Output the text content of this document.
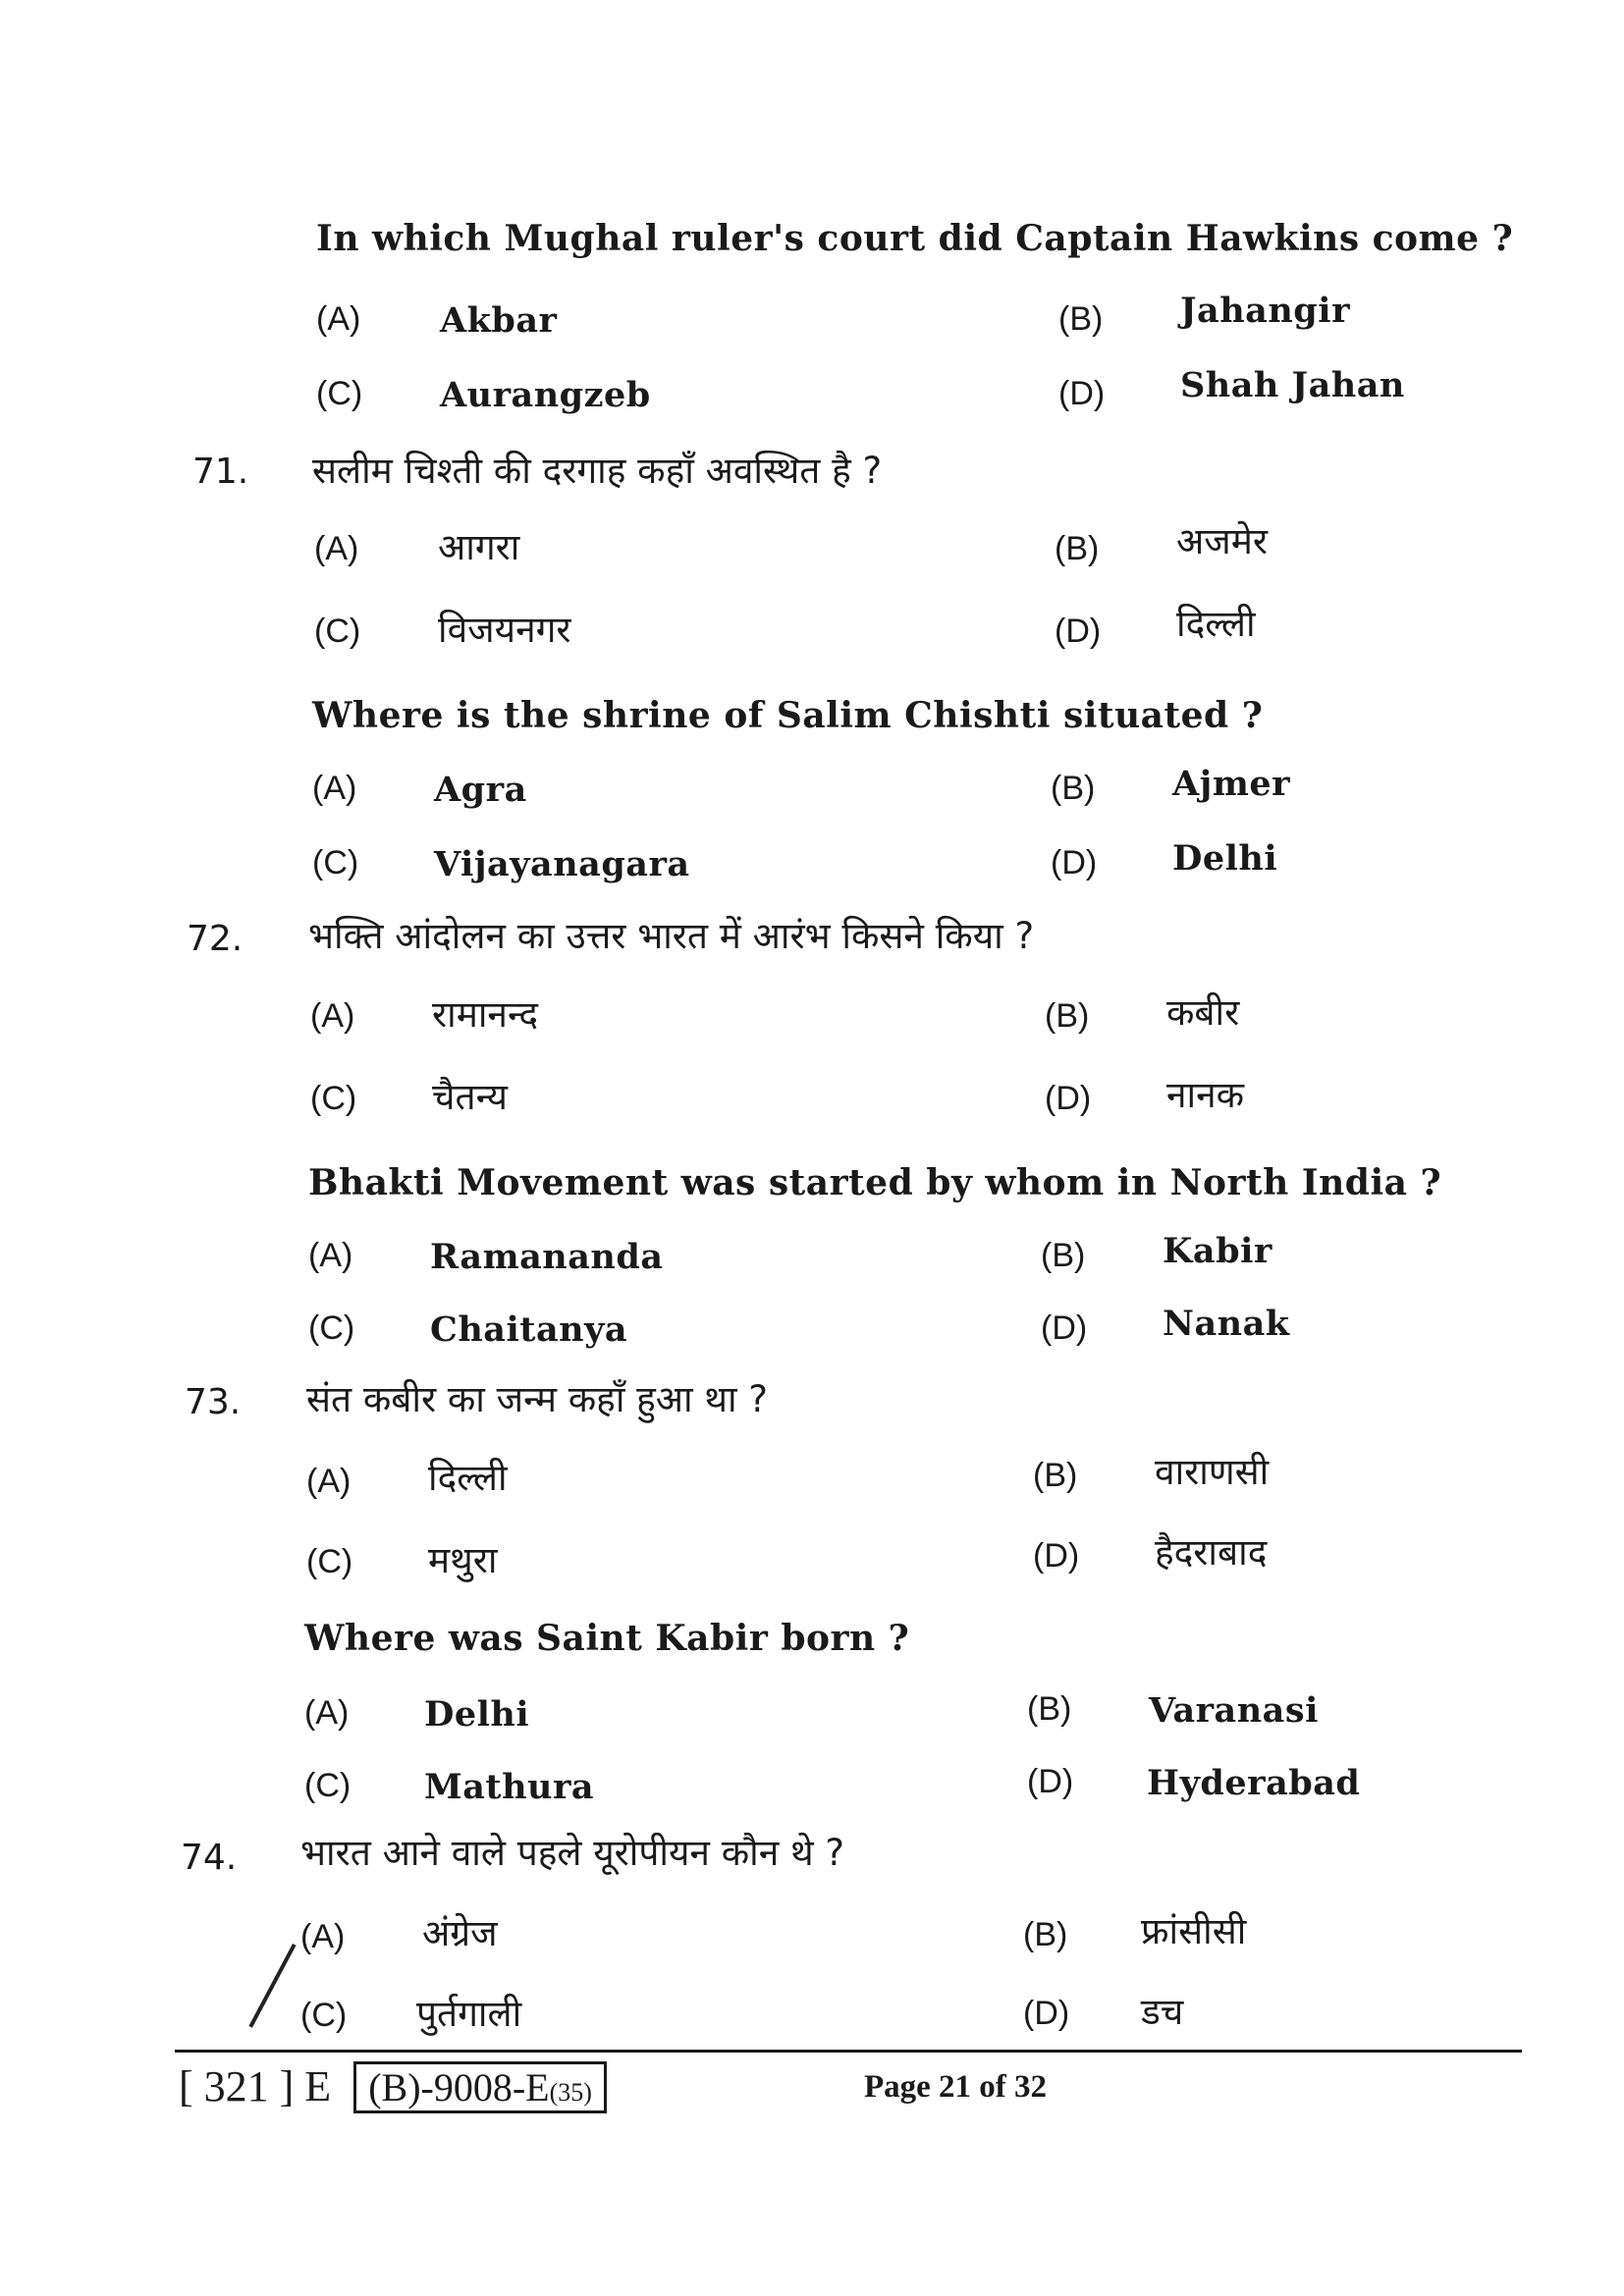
In which Mughal ruler's court did Captain Hawkins come ?
(A) Akbar	(B) Jahangir
(C) Aurangzeb	(D) Shah Jahan
71. सलीम चिश्ती की दरगाह कहाँ अवस्थित है ?
(A) आगरा	(B) अजमेर
(C) विजयनगर	(D) दिल्ली
Where is the shrine of Salim Chishti situated ?
(A) Agra	(B) Ajmer
(C) Vijayanagara	(D) Delhi
72. भक्ति आंदोलन का उत्तर भारत में आरंभ किसने किया ?
(A) रामानन्द	(B) कबीर
(C) चैतन्य	(D) नानक
Bhakti Movement was started by whom in North India ?
(A) Ramananda	(B) Kabir
(C) Chaitanya	(D) Nanak
73. संत कबीर का जन्म कहाँ हुआ था ?
(A) दिल्ली	(B) वाराणसी
(C) मथुरा	(D) हैदराबाद
Where was Saint Kabir born ?
(A) Delhi	(B) Varanasi
(C) Mathura	(D) Hyderabad
74. भारत आने वाले पहले यूरोपीयन कौन थे ?
(A) अंग्रेज	(B) फ्रांसीसी
(C) पुर्तगाली	(D) डच
[ 321 ] E (B)-9008-E(35)	Page 21 of 32
